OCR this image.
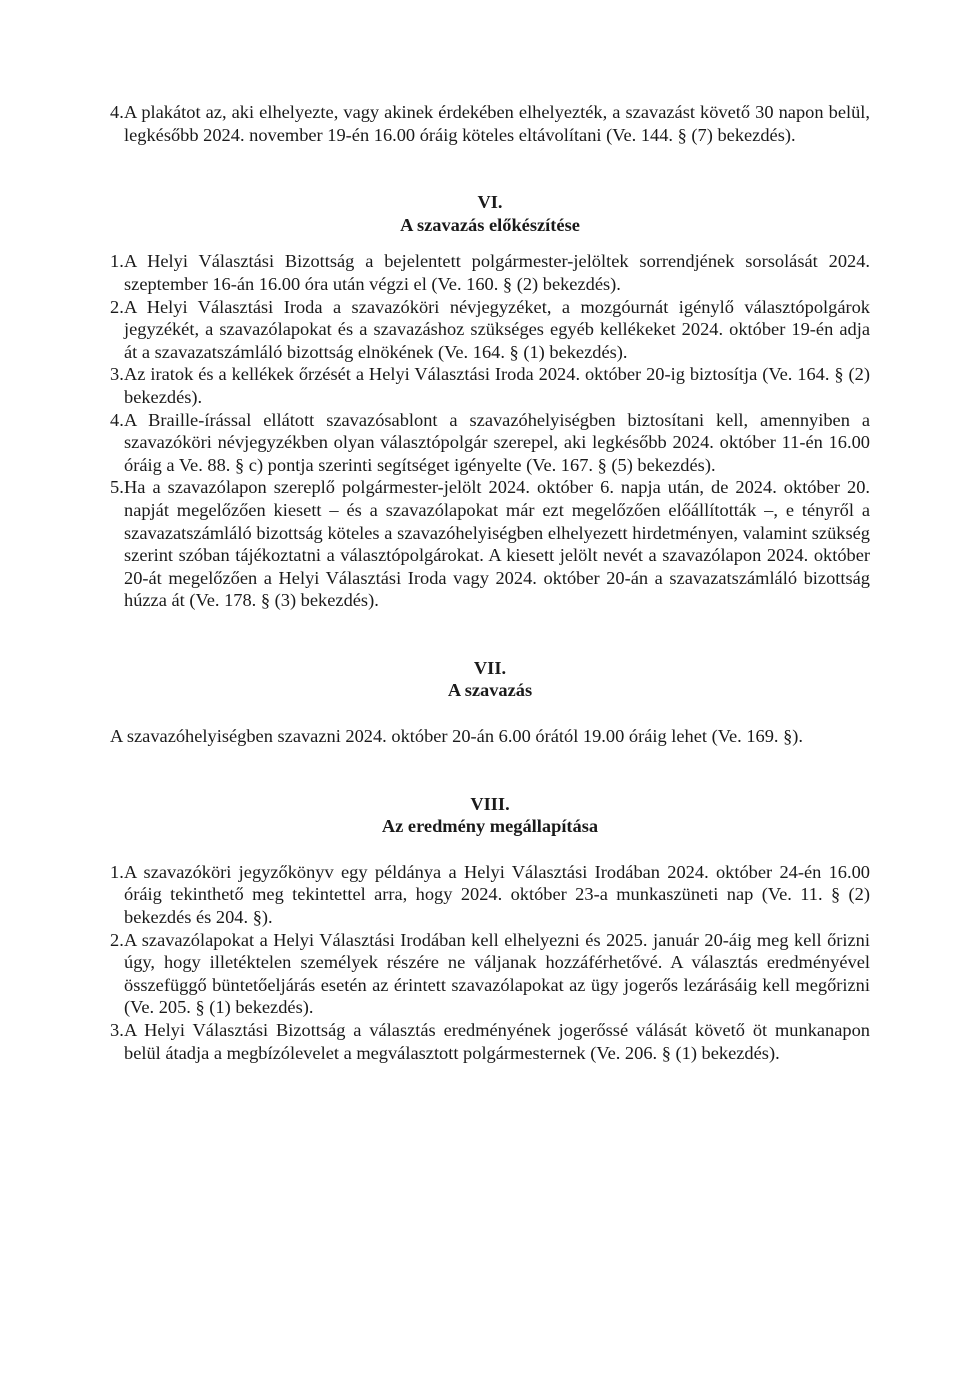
4. A plakátot az, aki elhelyezte, vagy akinek érdekében elhelyezték, a szavazást követő 30 napon belül, legkésőbb 2024. november 19-én 16.00 óráig köteles eltávolítani (Ve. 144. § (7) bekezdés).
VI.
A szavazás előkészítése
1. A Helyi Választási Bizottság a bejelentett polgármester-jelöltek sorrendjének sorsolását 2024. szeptember 16-án 16.00 óra után végzi el (Ve. 160. § (2) bekezdés).
2. A Helyi Választási Iroda a szavazóköri névjegyzéket, a mozgóurnát igénylő választópolgárok jegyzékét, a szavazólapokat és a szavazáshoz szükséges egyéb kellékeket 2024. október 19-én adja át a szavazatszámláló bizottság elnökének (Ve. 164. § (1) bekezdés).
3. Az iratok és a kellékek őrzését a Helyi Választási Iroda 2024. október 20-ig biztosítja (Ve. 164. § (2) bekezdés).
4. A Braille-írással ellátott szavazósablont a szavazóhelyiségben biztosítani kell, amennyiben a szavazóköri névjegyzékben olyan választópolgár szerepel, aki legkésőbb 2024. október 11-én 16.00 óráig a Ve. 88. § c) pontja szerinti segítséget igényelte (Ve. 167. § (5) bekezdés).
5. Ha a szavazólapon szereplő polgármester-jelölt 2024. október 6. napja után, de 2024. október 20. napját megelőzően kiesett – és a szavazólapokat már ezt megelőzően előállították –, e tényről a szavazatszámláló bizottság köteles a szavazóhelyiségben elhelyezett hirdetményen, valamint szükség szerint szóban tájékoztatni a választópolgárokat. A kiesett jelölt nevét a szavazólapon 2024. október 20-át megelőzően a Helyi Választási Iroda vagy 2024. október 20-án a szavazatszámláló bizottság húzza át (Ve. 178. § (3) bekezdés).
VII.
A szavazás
A szavazóhelyiségben szavazni 2024. október 20-án 6.00 órától 19.00 óráig lehet (Ve. 169. §).
VIII.
Az eredmény megállapítása
1. A szavazóköri jegyzőkönyv egy példánya a Helyi Választási Irodában 2024. október 24-én 16.00 óráig tekinthető meg tekintettel arra, hogy 2024. október 23-a munkaszüneti nap (Ve. 11. § (2) bekezdés és 204. §).
2. A szavazólapokat a Helyi Választási Irodában kell elhelyezni és 2025. január 20-áig meg kell őrizni úgy, hogy illetéktelen személyek részére ne váljanak hozzáférhetővé. A választás eredményével összefüggő büntetőeljárás esetén az érintett szavazólapokat az ügy jogerős lezárásáig kell megőrizni (Ve. 205. § (1) bekezdés).
3. A Helyi Választási Bizottság a választás eredményének jogerőssé válását követő öt munkanapon belül átadja a megbízólevelet a megválasztott polgármesternek (Ve. 206. § (1) bekezdés).
